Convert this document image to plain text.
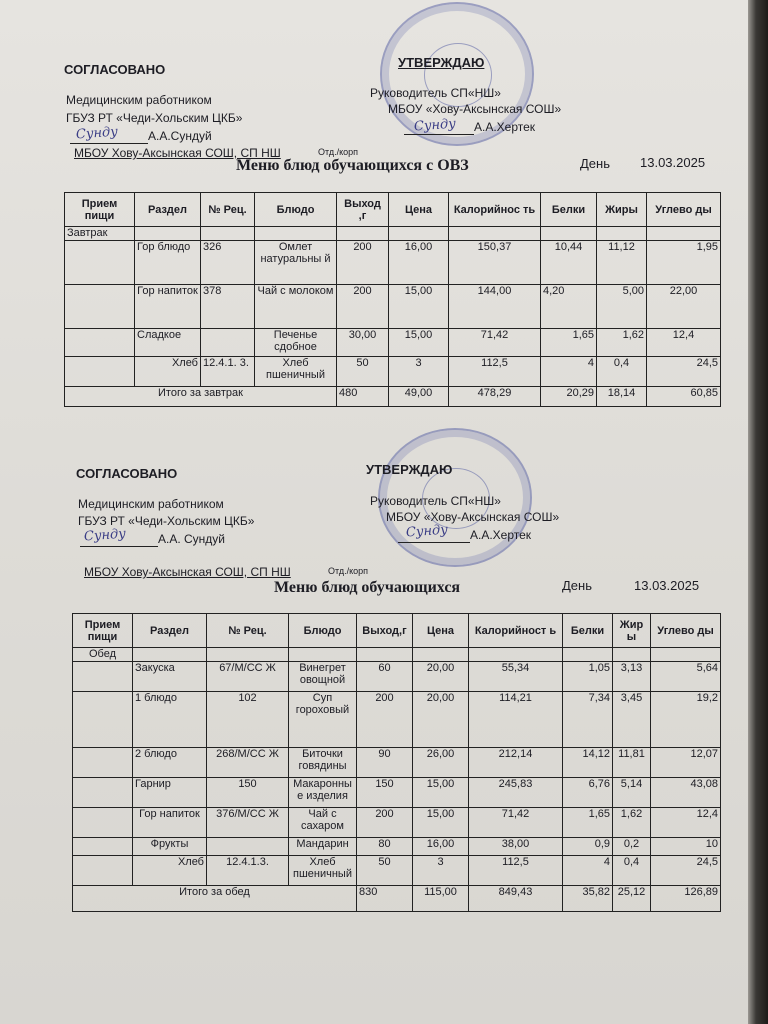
СОГЛАСОВАНО	УТВЕРЖДАЮ
Медицинским работником
ГБУЗ РТ «Чеди-Хольским ЦКБ»
Сунду А.А.Сундуй
МБОУ Хову-Аксынская СОШ, СП НШ	Отд./корп
Руководитель СП«НШ»
МБОУ «Хову-Аксынская СОШ»
Сунду А.А.Хертек
Меню блюд обучающихся с ОВЗ	День 13.03.2025
Прием пищи	Раздел	№ Рец.	Блюдо	Выход ,г	Цена	Калорийнос ть	Белки	Жиры	Углево ды
Завтрак									
	Гор блюдо	326	Омлет натуральны й	200	16,00	150,37	10,44	11,12	1,95
	Гор напиток	378	Чай с молоком	200	15,00	144,00	4,20	5,00	22,00
	Сладкое		Печенье сдобное	30,00	15,00	71,42	1,65	1,62	12,4
	Хлеб	12.4.1. 3.	Хлеб пшеничный	50	3	112,5	4	0,4	24,5
Итого за завтрак				480	49,00	478,29	20,29	18,14	60,85
СОГЛАСОВАНО	УТВЕРЖДАЮ
Медицинским работником
ГБУЗ РТ «Чеди-Хольским ЦКБ»
Сунду	А.А. Сундуй
МБОУ Хову-Аксынская СОШ, СП НШ	Отд./корп
Руководитель СП«НШ»
МБОУ «Хову-Аксынская СОШ»
Сунду А.А.Хертек
Меню блюд обучающихся	День	13.03.2025
Прием пищи	Раздел	№ Рец.	Блюдо	Выход,г	Цена	Калорийност ь	Белки	Жир ы	Углево ды
Обед									
	Закуска	67/М/СС Ж	Винегрет овощной	60	20,00	55,34	1,05	3,13	5,64
	1 блюдо	102	Суп гороховый	200	20,00	114,21	7,34	3,45	19,2
	2 блюдо	268/М/СС Ж	Биточки говядины	90	26,00	212,14	14,12	11,81	12,07
	Гарнир	150	Макаронны е изделия	150	15,00	245,83	6,76	5,14	43,08
	Гор напиток	376/М/СС Ж	Чай с сахаром	200	15,00	71,42	1,65	1,62	12,4
	Фрукты		Мандарин	80	16,00	38,00	0,9	0,2	10
	Хлеб	12.4.1.3.	Хлеб пшеничный	50	3	112,5	4	0,4	24,5
Итого за обед				830	115,00	849,43	35,82	25,12	126,89
